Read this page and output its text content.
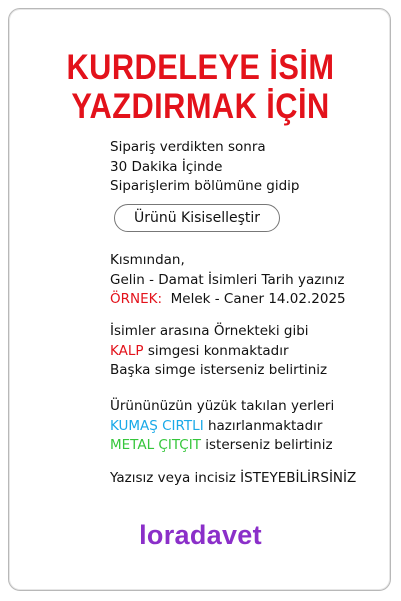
KURDELEYE İSİM
YAZDIRMAK İÇİN
Sipariş verdikten sonra
30 Dakika İçinde
Siparişlerim bölümüne gidip
Ürünü Kisiselleştir
Kısmından,
Gelin - Damat İsimleri Tarih yazınız
ÖRNEK: Melek - Caner 14.02.2025
İsimler arasına Örnekteki gibi
KALP simgesi konmaktadır
Başka simge isterseniz belirtiniz
Ürününüzün yüzük takılan yerleri
KUMAŞ CIRTLI hazırlanmaktadır
METAL ÇITÇIT isterseniz belirtiniz
Yazısız veya incisiz İSTEYEBİLİRSİNİZ
loradavet
